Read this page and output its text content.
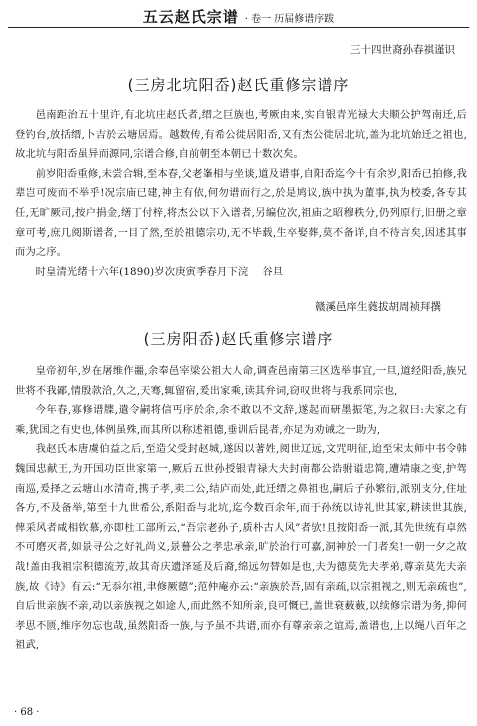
五云赵氏宗谱 · 卷一 历届修谱序跋
三十四世裔孙春祺谨识
(三房北坑阳岙)赵氏重修宗谱序

邑南距治五十里许,有北坑庄赵氏者,缙之巨族也,考厥由来,实自银青光禄大夫顺公护驾南迁,后登钓台,放括缙,卜吉於云塘居焉。越数传,有希公徙居阳岙,又有杰公徙居北坑,盖为北坑始迁之祖也,故北坑与阳岙虽异而源同,宗谱合修,自前朝至本朝已十数次矣。

前岁阳岙重修,未尝合辑,至本春,父老峯相与坐谈,道及谱事,自阳岙迄今十有余岁,阳岙已拍修,我辈岂可废而不举乎!况宗庙已建,神主有依,何勿谱而行之,於是鸠议,族中执为董事,执为校委,各专其任,无旷厥司,按户捐金,缮丁付梓,将杰公以下入谱者,另编位次,祖庙之昭穆秩分,仍列原行,旧册之章章可考,庶几阅斯谱者,一目了然,至於祖德宗功,无不毕载,生卒娶葬,莫不备详,自不待言矣,因述其事而为之序。

时皇清光绪十六年(1890)岁次庚寅季春月下浣 谷旦

赣溪邑庠生蕤拔胡周祯拜撰
(三房阳岙)赵氏重修宗谱序

皇帝初年,岁在屠维作噩,余奉邑宰梁公祖大人命,调查邑南第三区选举事宜,一旦,道经阳岙,族兄世将不我鄙,情殷款洽,久之,天骞,辄留宿,爰出家乘,读其弁词,窃叹世将与我系同宗也,

今年春,寡修谱牒,遣令嗣将信丐序於余,余不敢以不文辞,遂起而研墨振笔,为之叙曰:夫家之有乘,犹国之有史也,体例虽殊,而其所以称述祖德,垂训后昆者,亦足为劝诫之一助为,

我赵氏本唐虞伯益之后,至造父受封赵城,遂因以著姓,阅世辽远,文咒明征,迨至宋太师中书令韩魏国忠献王,为开国功臣世家第一,厥后五世孙授银青禄大夫封南都公诰驸谥忠简,遭靖康之变,护驾南巡,爰择之云塘山水清奇,携子孝,卖二公,结庐而处,此迁缙之鼻祖也,嗣后子孙繁衍,派别支分,住址各方,不及备举,第至十九世希公,系阳岙与北坑,迄今数百余年,而于孙统以诗礼世其家,耕读世其族,俾采风者咸相钦慕,亦即杜工部所云,“吾宗老孙子,质朴古人风”者欤!且按阳岙一派,其先世统有卓然不可磨灭者,如景寻公之好礼尚义,景謩公之孝忠承亲,旷於治行可嘉,洞神於一门者矣!一朝一夕之故哉!盖由我祖宗积德流芳,故其奇庆遗泽延及后裔,绵远勿替如是也,夫为德莫先夫孝弟,尊亲莫先夫亲族,故《诗》有云:“无忝尔祖,聿修厥德”;范仲庵亦云:“亲族於吾,固有亲疏,以宗祖视之,则无亲疏也”,自后世亲族不亲,动以亲族视之如途人,而此然不知所亲,良可慨已,盖世衰薮薮,以续修宗谱为务,抑何孝思不匮,维序勿忘也哉,虽然阳岙一族,与予虽不共谱,而亦有尊亲亲之谊焉,盖谱也,上以绳八百年之祖武,

· 68 ·
